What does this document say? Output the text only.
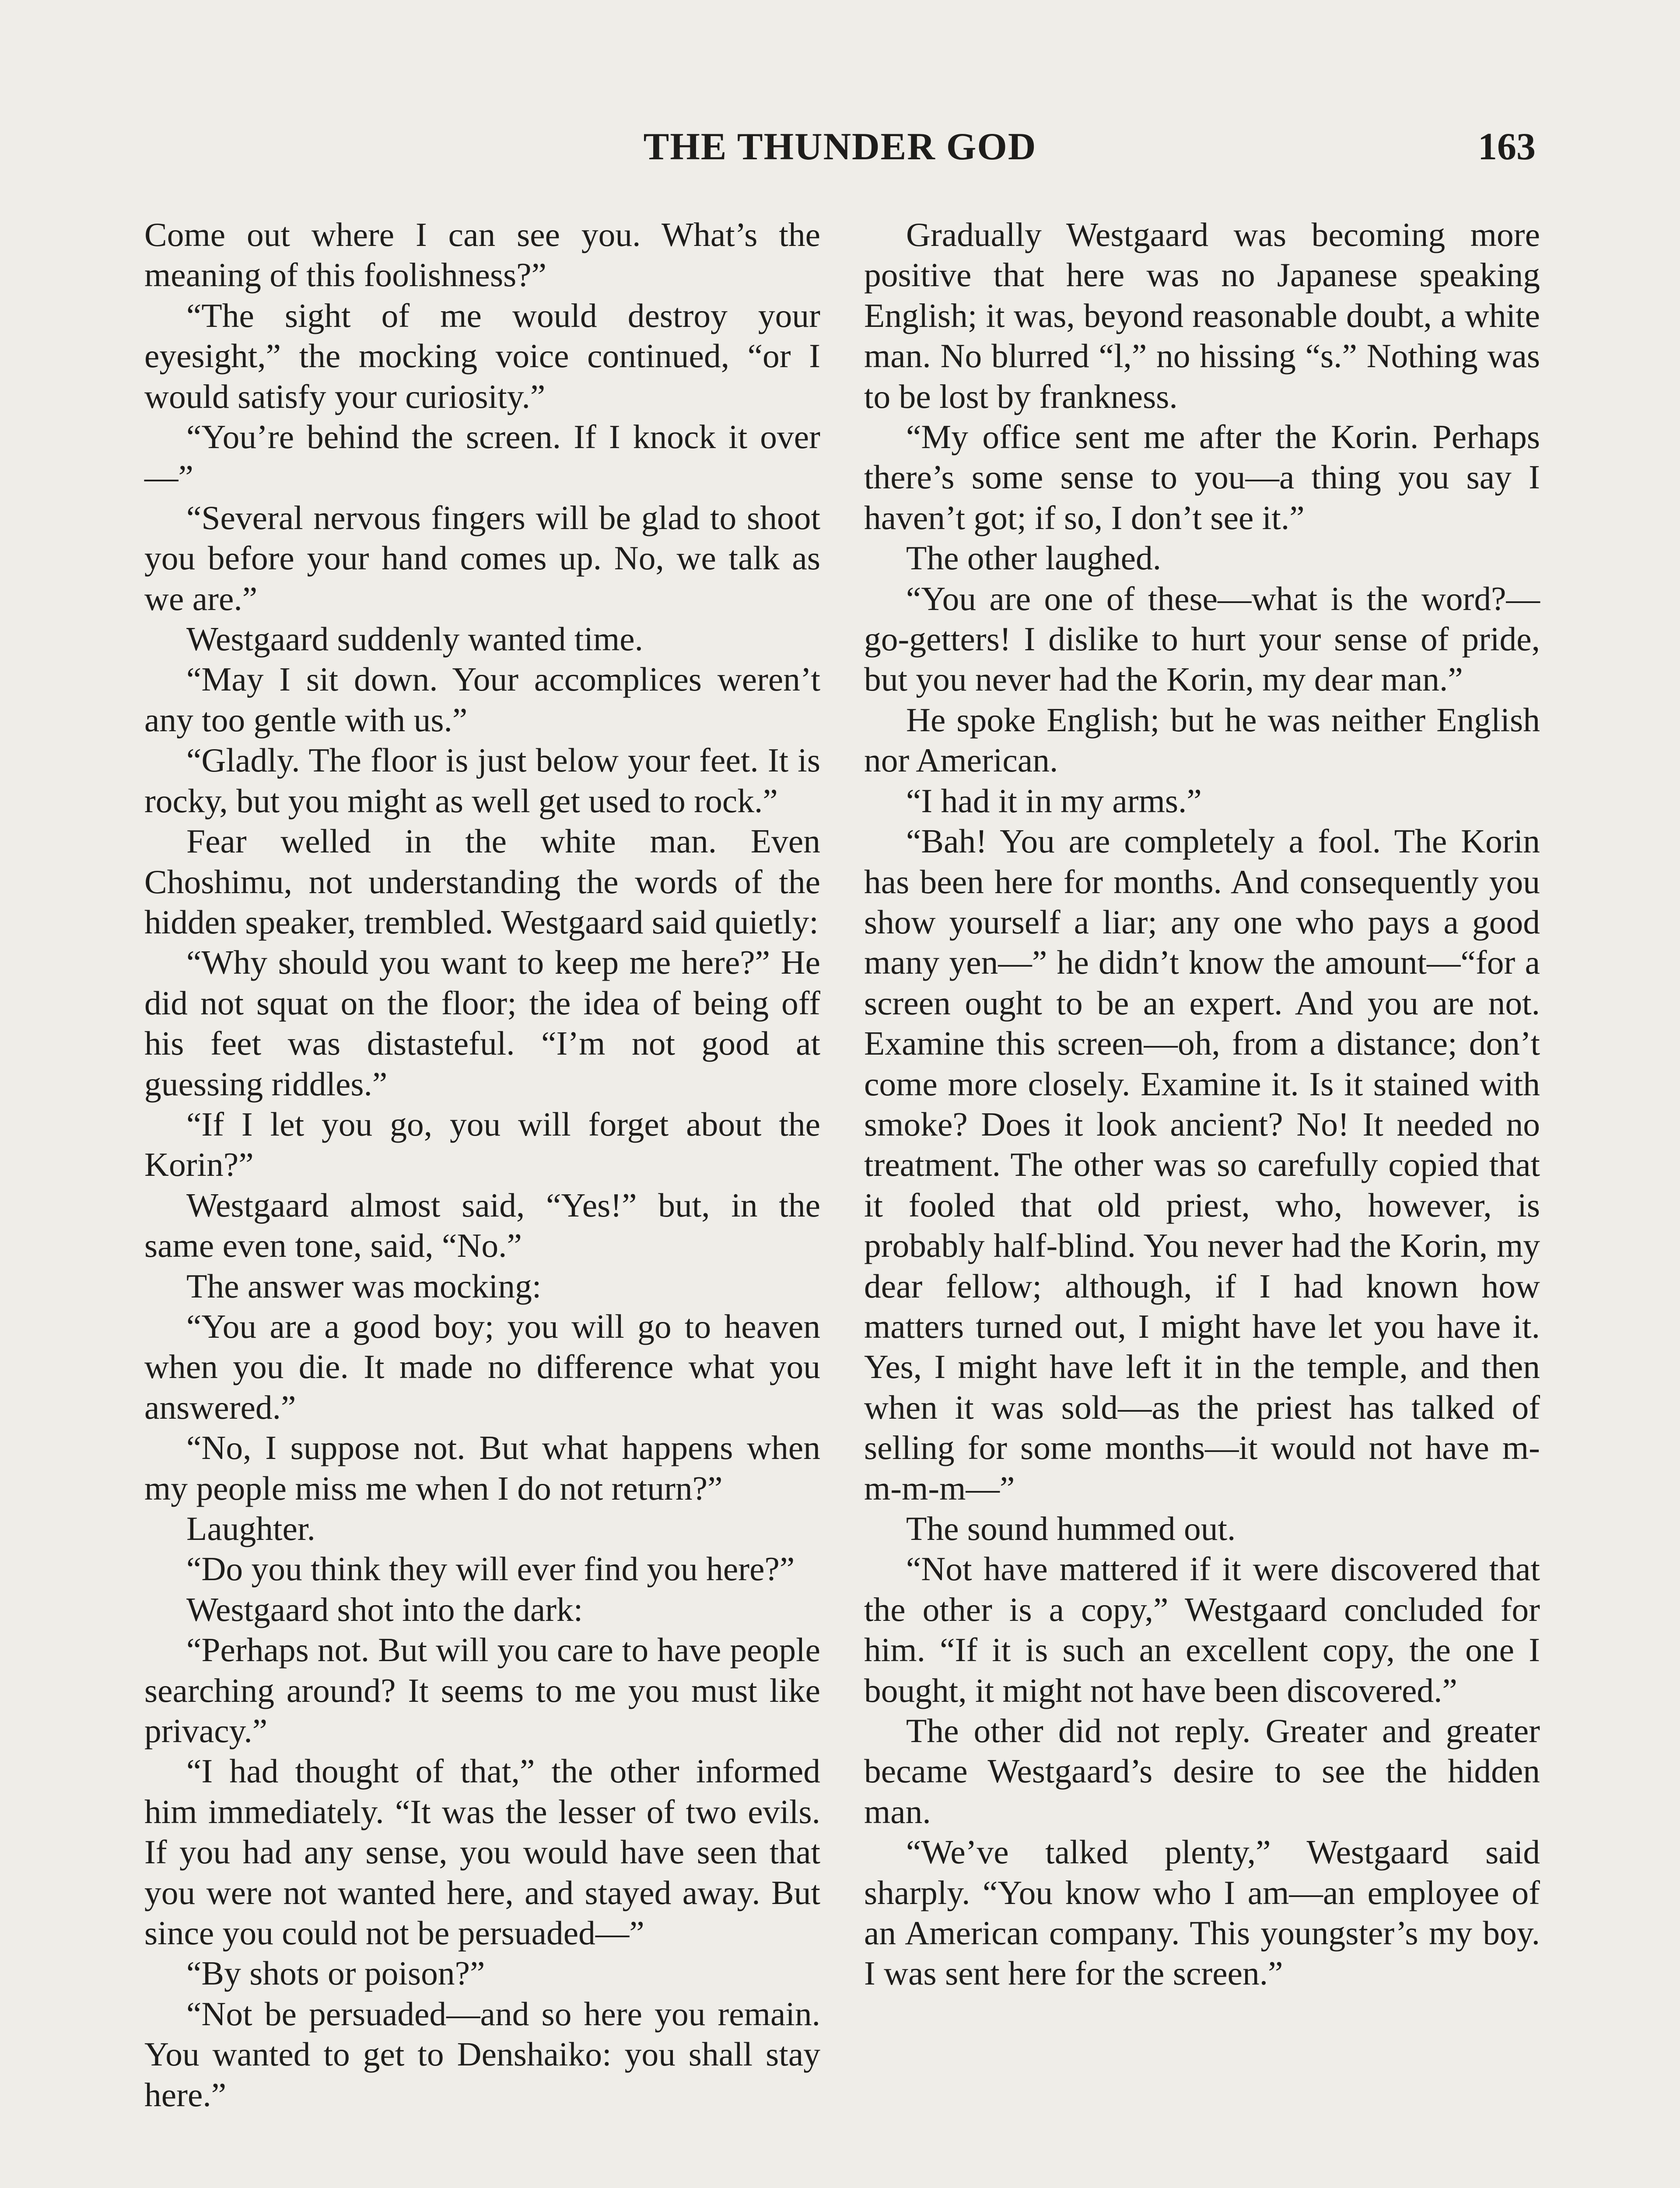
THE THUNDER GOD	163

Come out where I can see you. What’s the meaning of this foolishness?”

“The sight of me would destroy your eyesight,” the mocking voice continued, “or I would satisfy your curiosity.”

“You’re behind the screen. If I knock it over—”

“Several nervous fingers will be glad to shoot you before your hand comes up. No, we talk as we are.”

Westgaard suddenly wanted time.

“May I sit down. Your accomplices weren’t any too gentle with us.”

“Gladly. The floor is just below your feet. It is rocky, but you might as well get used to rock.”

Fear welled in the white man. Even Choshimu, not understanding the words of the hidden speaker, trembled. Westgaard said quietly:

“Why should you want to keep me here?” He did not squat on the floor; the idea of being off his feet was distasteful. “I’m not good at guessing riddles.”

“If I let you go, you will forget about the Korin?”

Westgaard almost said, “Yes!” but, in the same even tone, said, “No.”

The answer was mocking:

“You are a good boy; you will go to heaven when you die. It made no difference what you answered.”

“No, I suppose not. But what happens when my people miss me when I do not return?”

Laughter.

“Do you think they will ever find you here?”

Westgaard shot into the dark:

“Perhaps not. But will you care to have people searching around? It seems to me you must like privacy.”

“I had thought of that,” the other informed him immediately. “It was the lesser of two evils. If you had any sense, you would have seen that you were not wanted here, and stayed away. But since you could not be persuaded—”

“By shots or poison?”

“Not be persuaded—and so here you remain. You wanted to get to Denshaiko: you shall stay here.”

Gradually Westgaard was becoming more positive that here was no Japanese speaking English; it was, beyond reasonable doubt, a white man. No blurred “l,” no hissing “s.” Nothing was to be lost by frankness.

“My office sent me after the Korin. Perhaps there’s some sense to you—a thing you say I haven’t got; if so, I don’t see it.”

The other laughed.

“You are one of these—what is the word?—go-getters! I dislike to hurt your sense of pride, but you never had the Korin, my dear man.”

He spoke English; but he was neither English nor American.

“I had it in my arms.”

“Bah! You are completely a fool. The Korin has been here for months. And consequently you show yourself a liar; any one who pays a good many yen—” he didn’t know the amount—“for a screen ought to be an expert. And you are not. Examine this screen—oh, from a distance; don’t come more closely. Examine it. Is it stained with smoke? Does it look ancient? No! It needed no treatment. The other was so carefully copied that it fooled that old priest, who, however, is probably half-blind. You never had the Korin, my dear fellow; although, if I had known how matters turned out, I might have let you have it. Yes, I might have left it in the temple, and then when it was sold—as the priest has talked of selling for some months—it would not have m-m-m-m—”

The sound hummed out.

“Not have mattered if it were discovered that the other is a copy,” Westgaard concluded for him. “If it is such an excellent copy, the one I bought, it might not have been discovered.”

The other did not reply. Greater and greater became Westgaard’s desire to see the hidden man.

“We’ve talked plenty,” Westgaard said sharply. “You know who I am—an employee of an American company. This youngster’s my boy. I was sent here for the screen.”
